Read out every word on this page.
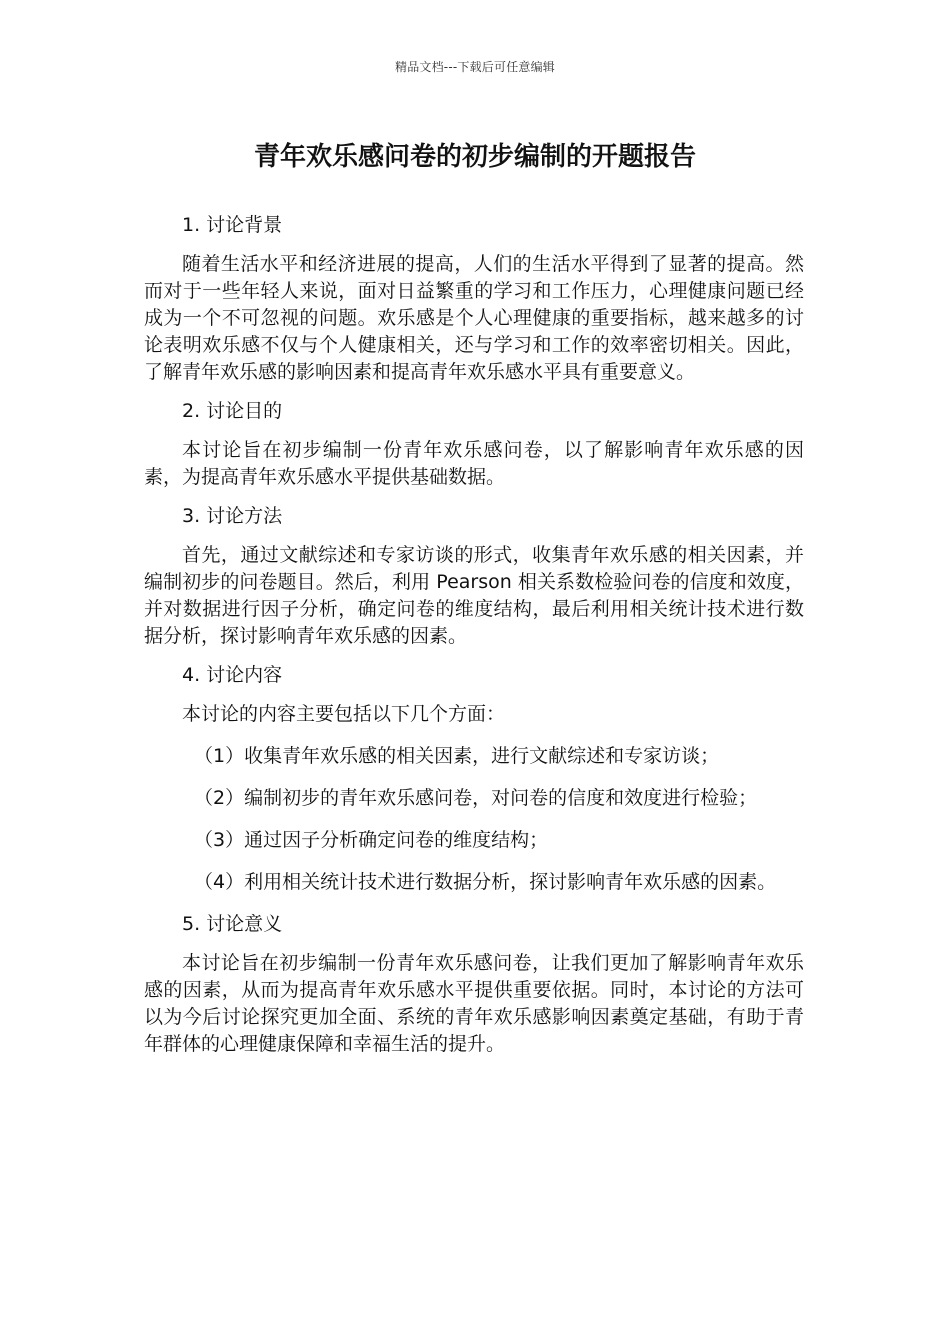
精品文档---下载后可任意编辑
青年欢乐感问卷的初步编制的开题报告

1. 讨论背景

随着生活水平和经济进展的提高，人们的生活水平得到了显著的提高。然而对于一些年轻人来说，面对日益繁重的学习和工作压力，心理健康问题已经成为一个不可忽视的问题。欢乐感是个人心理健康的重要指标，越来越多的讨论表明欢乐感不仅与个人健康相关，还与学习和工作的效率密切相关。因此，了解青年欢乐感的影响因素和提高青年欢乐感水平具有重要意义。

2. 讨论目的

本讨论旨在初步编制一份青年欢乐感问卷，以了解影响青年欢乐感的因素，为提高青年欢乐感水平提供基础数据。

3. 讨论方法

首先，通过文献综述和专家访谈的形式，收集青年欢乐感的相关因素，并编制初步的问卷题目。然后，利用 Pearson 相关系数检验问卷的信度和效度，并对数据进行因子分析，确定问卷的维度结构，最后利用相关统计技术进行数据分析，探讨影响青年欢乐感的因素。

4. 讨论内容

本讨论的内容主要包括以下几个方面：

（1）收集青年欢乐感的相关因素，进行文献综述和专家访谈；

（2）编制初步的青年欢乐感问卷，对问卷的信度和效度进行检验；

（3）通过因子分析确定问卷的维度结构；

（4）利用相关统计技术进行数据分析，探讨影响青年欢乐感的因素。

5. 讨论意义

本讨论旨在初步编制一份青年欢乐感问卷，让我们更加了解影响青年欢乐感的因素，从而为提高青年欢乐感水平提供重要依据。同时，本讨论的方法可以为今后讨论探究更加全面、系统的青年欢乐感影响因素奠定基础，有助于青年群体的心理健康保障和幸福生活的提升。
